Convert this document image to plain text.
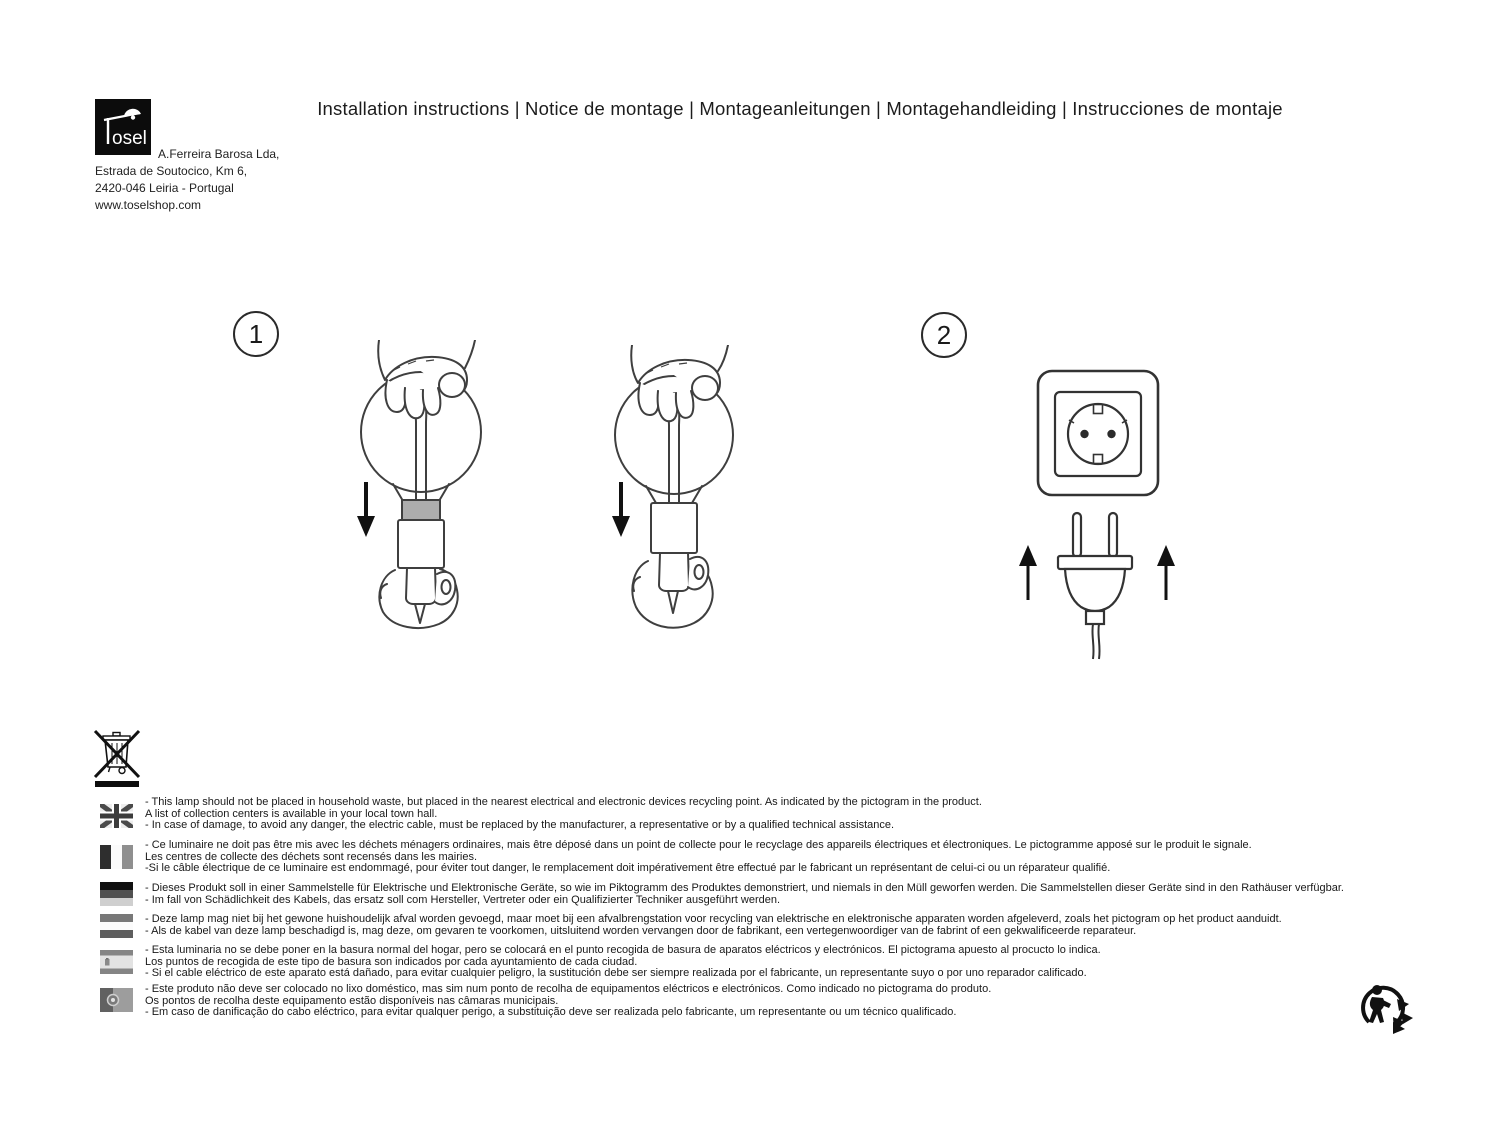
Installation instructions | Notice de montage | Montageanleitungen | Montagehandleiding | Instrucciones de montaje
osel
A.Ferreira Barosa Lda,
Estrada de Soutocico, Km 6,
2420-046 Leiria - Portugal
www.toselshop.com
1	2
- This lamp should not be placed in household waste, but placed in the nearest electrical and electronic devices recycling point. As indicated by the pictogram in the product.
A list of collection centers is available in your local town hall.
- In case of damage, to avoid any danger, the electric cable, must be replaced by the manufacturer, a representative or by a qualified technical assistance.
- Ce luminaire ne doit pas être mis avec les déchets ménagers ordinaires, mais être déposé dans un point de collecte pour le recyclage des appareils électriques et électroniques. Le pictogramme apposé sur le produit le signale.
Les centres de collecte des déchets sont recensés dans les mairies.
-Si le câble électrique de ce luminaire est endommagé, pour éviter tout danger, le remplacement doit impérativement être effectué par le fabricant un représentant de celui-ci ou un réparateur qualifié.
- Dieses Produkt soll in einer Sammelstelle für Elektrische und Elektronische Geräte, so wie im Piktogramm des Produktes demonstriert, und niemals in den Müll geworfen werden. Die Sammelstellen dieser Geräte sind in den Rathäuser verfügbar.
- Im fall von Schädlichkeit des Kabels, das ersatz soll com Hersteller, Vertreter oder ein Qualifizierter Techniker ausgeführt werden.
- Deze lamp mag niet bij het gewone huishoudelijk afval worden gevoegd, maar moet bij een afvalbrengstation voor recycling van elektrische en elektronische apparaten worden afgeleverd, zoals het pictogram op het product aanduidt.
- Als de kabel van deze lamp beschadigd is, mag deze, om gevaren te voorkomen, uitsluitend worden vervangen door de fabrikant, een vertegenwoordiger van de fabrint of een gekwalificeerde reparateur.
- Esta luminaria no se debe poner en la basura normal del hogar, pero se colocará en el punto recogida de basura de aparatos eléctricos y electrónicos. El pictograma apuesto al procucto lo indica.
Los puntos de recogida de este tipo de basura son indicados por cada ayuntamiento de cada ciudad.
- Si el cable eléctrico de este aparato está dañado, para evitar cualquier peligro, la sustitución debe ser siempre realizada por el fabricante, un representante suyo o por uno reparador calificado.
- Este produto não deve ser colocado no lixo doméstico, mas sim num ponto de recolha de equipamentos eléctricos e electrónicos. Como indicado no pictograma do produto.
Os pontos de recolha deste equipamento estão disponíveis nas câmaras municipais.
- Em caso de danificação do cabo eléctrico, para evitar qualquer perigo, a substituição deve ser realizada pelo fabricante, um representante ou um técnico qualificado.
